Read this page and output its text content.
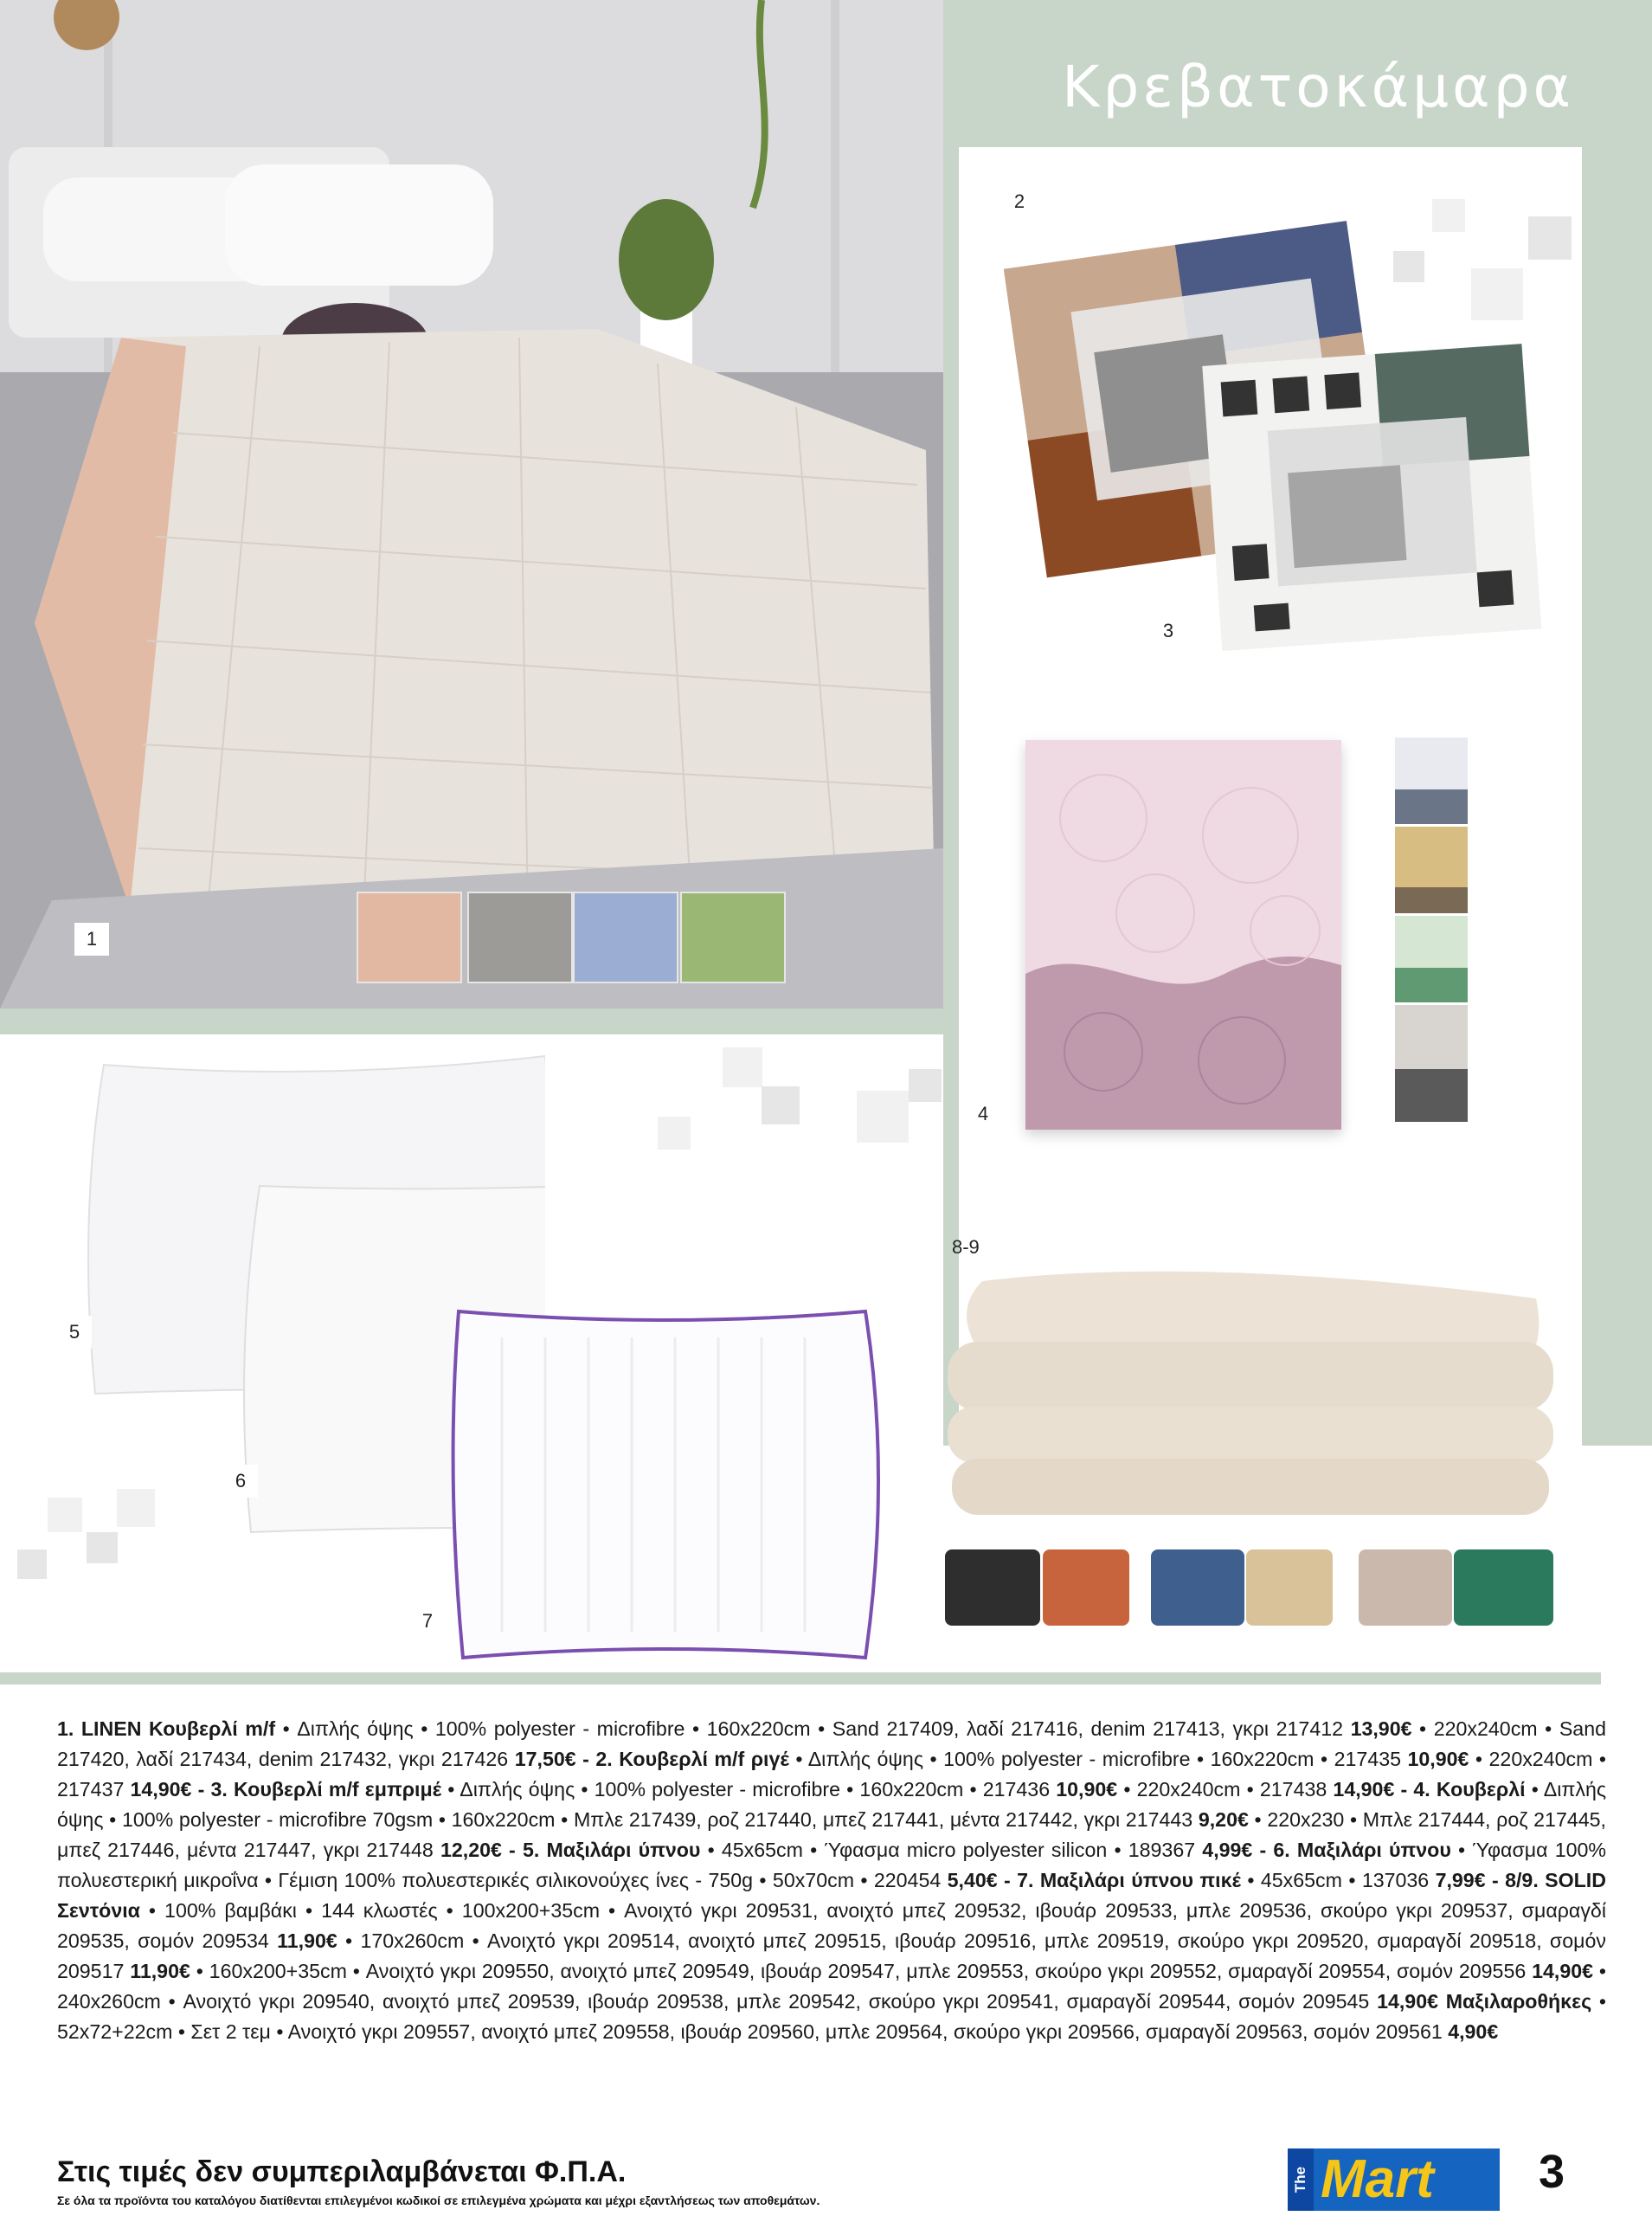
Κρεβατοκάμαρα
1
2
3
4
5
6
7
8-9
1. LINEN Κουβερλί m/f • Διπλής όψης • 100% polyester - microfibre • 160x220cm • Sand 217409, λαδί 217416, denim 217413, γκρι 217412 13,90€ • 220x240cm • Sand 217420, λαδί 217434, denim 217432, γκρι 217426 17,50€ - 2. Κουβερλί m/f ριγέ • Διπλής όψης • 100% polyester - microfibre • 160x220cm • 217435 10,90€ • 220x240cm • 217437 14,90€ - 3. Κουβερλί m/f εμπριμέ • Διπλής όψης • 100% polyester - microfibre • 160x220cm • 217436 10,90€ • 220x240cm • 217438 14,90€ - 4. Κουβερλί • Διπλής όψης • 100% polyester - microfibre 70gsm • 160x220cm • Μπλε 217439, ροζ 217440, μπεζ 217441, μέντα 217442, γκρι 217443 9,20€ • 220x230 • Μπλε 217444, ροζ 217445, μπεζ 217446, μέντα 217447, γκρι 217448 12,20€ - 5. Μαξιλάρι ύπνου • 45x65cm • Ύφασμα micro polyester silicon • 189367 4,99€ - 6. Μαξιλάρι ύπνου • Ύφασμα 100% πολυεστερική μικροΐνα • Γέμιση 100% πολυεστερικές σιλικονούχες ίνες - 750g • 50x70cm • 220454 5,40€ - 7. Μαξιλάρι ύπνου πικέ • 45x65cm • 137036 7,99€ - 8/9. SOLID Σεντόνια • 100% βαμβάκι • 144 κλωστές • 100x200+35cm • Ανοιχτό γκρι 209531, ανοιχτό μπεζ 209532, ιβουάρ 209533, μπλε 209536, σκούρο γκρι 209537, σμαραγδί 209535, σομόν 209534 11,90€ • 170x260cm • Ανοιχτό γκρι 209514, ανοιχτό μπεζ 209515, ιβουάρ 209516, μπλε 209519, σκούρο γκρι 209520, σμαραγδί 209518, σομόν 209517 11,90€ • 160x200+35cm • Ανοιχτό γκρι 209550, ανοιχτό μπεζ 209549, ιβουάρ 209547, μπλε 209553, σκούρο γκρι 209552, σμαραγδί 209554, σομόν 209556 14,90€ • 240x260cm • Ανοιχτό γκρι 209540, ανοιχτό μπεζ 209539, ιβουάρ 209538, μπλε 209542, σκούρο γκρι 209541, σμαραγδί 209544, σομόν 209545 14,90€ Μαξιλαροθήκες • 52x72+22cm • Σετ 2 τεμ • Ανοιχτό γκρι 209557, ανοιχτό μπεζ 209558, ιβουάρ 209560, μπλε 209564, σκούρο γκρι 209566, σμαραγδί 209563, σομόν 209561 4,90€
Στις τιμές δεν συμπεριλαμβάνεται Φ.Π.Α.
Σε όλα τα προϊόντα του καταλόγου διατίθενται επιλεγμένοι κωδικοί σε επιλεγμένα χρώματα και μέχρι εξαντλήσεως των αποθεμάτων.
The Mart	3
